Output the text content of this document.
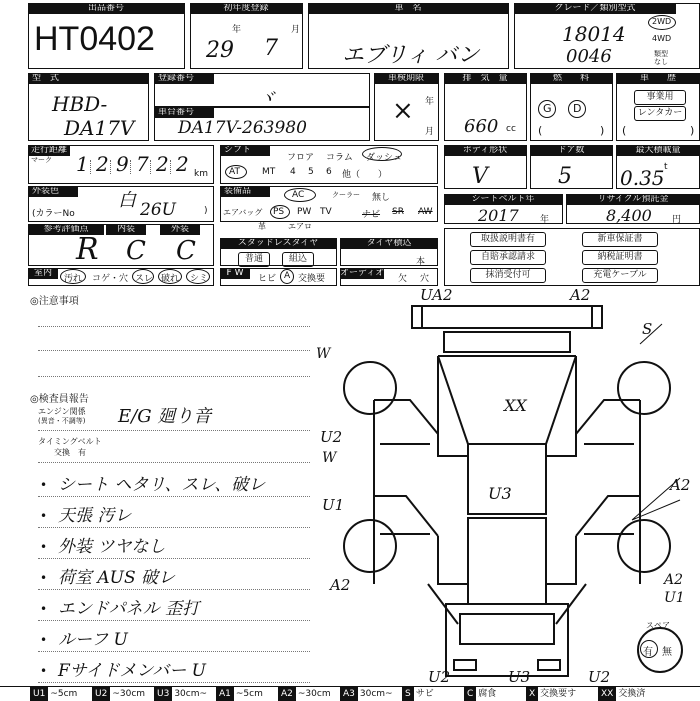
出品番号
HT0402
初年度登録
年	月
29 7
車　名
エブリィ バン
グレード／類別型式
18014
0046
2WD
4WD
類型なし
型　式
HBD-
DA17V
登録番号
ヾ
車台番号
DA17V-263980
車検期限
年
月
×
排　気　量
660 cc
燃　　料
G D
(	)
車　　歴
事業用
レンタカー
(	)
走行距離
マーク 1 2 9 7 2 2 km
シフト
フロア コラム ダッシュ
AT MT 4 5 6 他（　　）
ボディ形状
V
ドア数
5
最大積載量
0.35 t
外装色	白
(カラーNo	26U	)
装備品	AC	クーラー 無し
エアバッグ PS PW TV	ナビ SR AW
革	エアロ
シートベルト年
2017 年
リサイクル預託金
8,400 円
参考評価点	内装	外装
R C C	スタッドレスタイヤ
普通	組込
タイヤ積込
本
取扱説明書有	新車保証書
自賠承認請求	納税証明書
抹消受付可	充電ケーブル
室内
汚れ コゲ・穴 スレ 破れ シミ
F W
ヒビ A 交換要
オーディオ
欠 穴
◎注意事項
◎検査員報告
エンジン関係
(異音・不調等) E/G 廻り音
タイミングベルト
交換　有
• シート ヘタリ、スレ、破レ
• 天張 汚レ
• 外装 ツヤなし
• 荷室 AUS 破レ
• エンドパネル 歪打
• ルーフ U
• Fサイドメンバー U
UA2	A2
S
W
XX
U2
W
U3	A2
U1
A2	A2
U1
U2	U3	U2
スペア
有 無
U1 ~5cm	U2 ~30cm	U3 30cm~	A1 ~5cm	A2 ~30cm	A3 30cm~	S サビ	C 腐食	X 交換要す	XX 交換済
